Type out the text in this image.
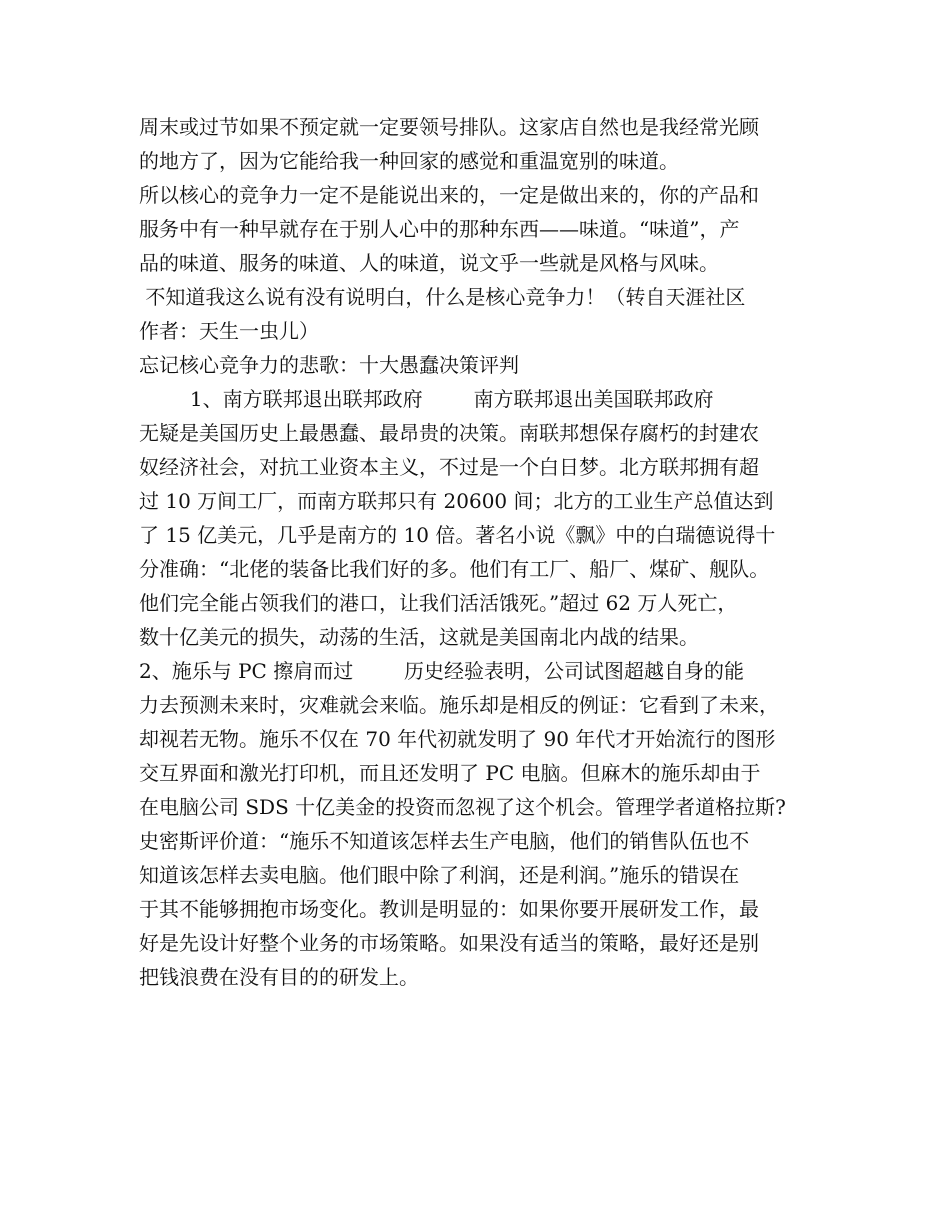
周末或过节如果不预定就一定要领号排队。这家店自然也是我经常光顾
的地方了，因为它能给我一种回家的感觉和重温宽别的味道。
所以核心的竞争力一定不是能说出来的，一定是做出来的，你的产品和
服务中有一种早就存在于别人心中的那种东西——味道。“味道”，产
品的味道、服务的味道、人的味道，说文乎一些就是风格与风味。
不知道我这么说有没有说明白，什么是核心竞争力！（转自天涯社区
作者：天生一虫儿）
忘记核心竞争力的悲歌：十大愚蠢决策评判
1、南方联邦退出联邦政府        南方联邦退出美国联邦政府
无疑是美国历史上最愚蠢、最昂贵的决策。南联邦想保存腐朽的封建农
奴经济社会，对抗工业资本主义，不过是一个白日梦。北方联邦拥有超
过 10 万间工厂，而南方联邦只有 20600 间；北方的工业生产总值达到
了 15 亿美元，几乎是南方的 10 倍。著名小说《飘》中的白瑞德说得十
分准确：“北佬的装备比我们好的多。他们有工厂、船厂、煤矿、舰队。
他们完全能占领我们的港口，让我们活活饿死。”超过 62 万人死亡，
数十亿美元的损失，动荡的生活，这就是美国南北内战的结果。
2、施乐与 PC 擦肩而过        历史经验表明，公司试图超越自身的能
力去预测未来时，灾难就会来临。施乐却是相反的例证：它看到了未来，
却视若无物。施乐不仅在 70 年代初就发明了 90 年代才开始流行的图形
交互界面和激光打印机，而且还发明了 PC 电脑。但麻木的施乐却由于
在电脑公司 SDS 十亿美金的投资而忽视了这个机会。管理学者道格拉斯?
史密斯评价道：“施乐不知道该怎样去生产电脑，他们的销售队伍也不
知道该怎样去卖电脑。他们眼中除了利润，还是利润。”施乐的错误在
于其不能够拥抱市场变化。教训是明显的：如果你要开展研发工作，最
好是先设计好整个业务的市场策略。如果没有适当的策略，最好还是别
把钱浪费在没有目的的研发上。
